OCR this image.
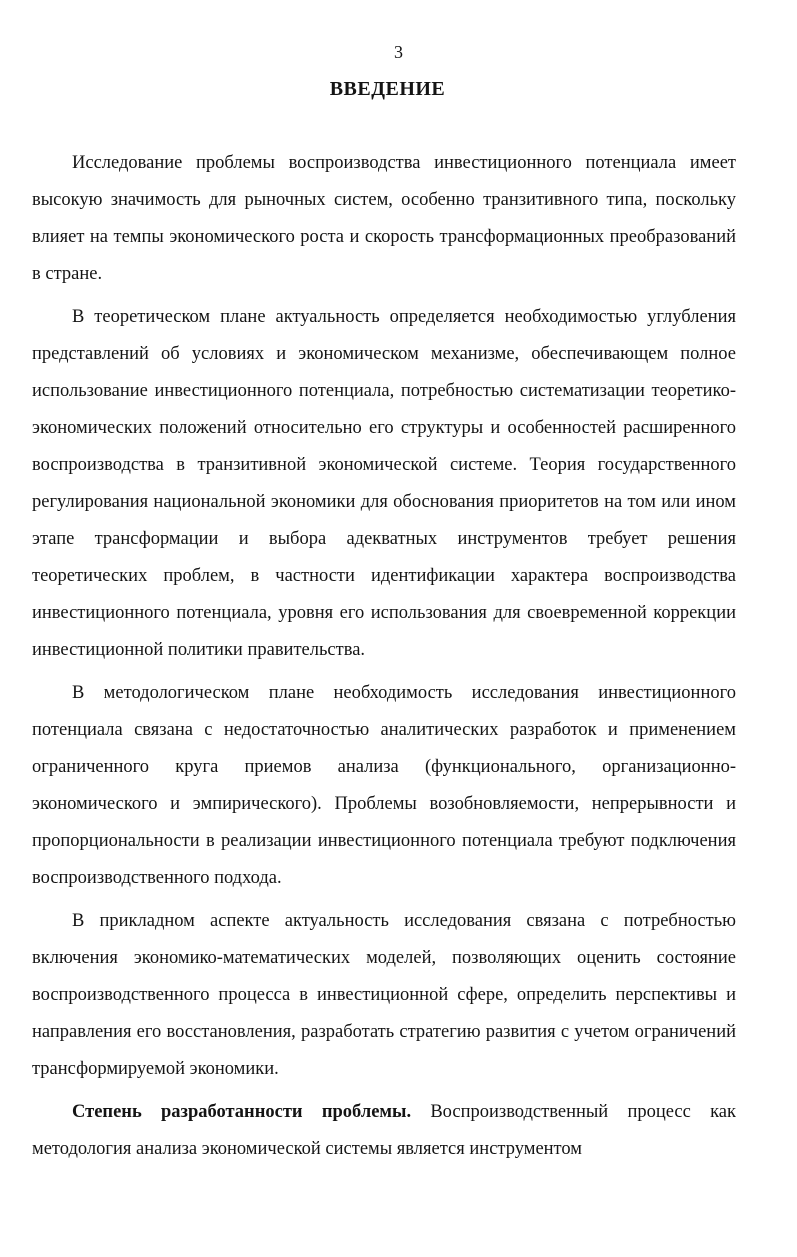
3
ВВЕДЕНИЕ

Исследование проблемы воспроизводства инвестиционного потенциала имеет высокую значимость для рыночных систем, особенно транзитивного типа, поскольку влияет на темпы экономического роста и скорость трансформационных преобразований в стране.

В теоретическом плане актуальность определяется необходимостью углубления представлений об условиях и экономическом механизме, обеспечивающем полное использование инвестиционного потенциала, потребностью систематизации теоретико-экономических положений относительно его структуры и особенностей расширенного воспроизводства в транзитивной экономической системе. Теория государственного регулирования национальной экономики для обоснования приоритетов на том или ином этапе трансформации и выбора адекватных инструментов требует решения теоретических проблем, в частности идентификации характера воспроизводства инвестиционного потенциала, уровня его использования для своевременной коррекции инвестиционной политики правительства.

В методологическом плане необходимость исследования инвестиционного потенциала связана с недостаточностью аналитических разработок и применением ограниченного круга приемов анализа (функционального, организационно-экономического и эмпирического). Проблемы возобновляемости, непрерывности и пропорциональности в реализации инвестиционного потенциала требуют подключения воспроизводственного подхода.

В прикладном аспекте актуальность исследования связана с потребностью включения экономико-математических моделей, позволяющих оценить состояние воспроизводственного процесса в инвестиционной сфере, определить перспективы и направления его восстановления, разработать стратегию развития с учетом ограничений трансформируемой экономики.

Степень разработанности проблемы. Воспроизводственный процесс как методология анализа экономической системы является инструментом
